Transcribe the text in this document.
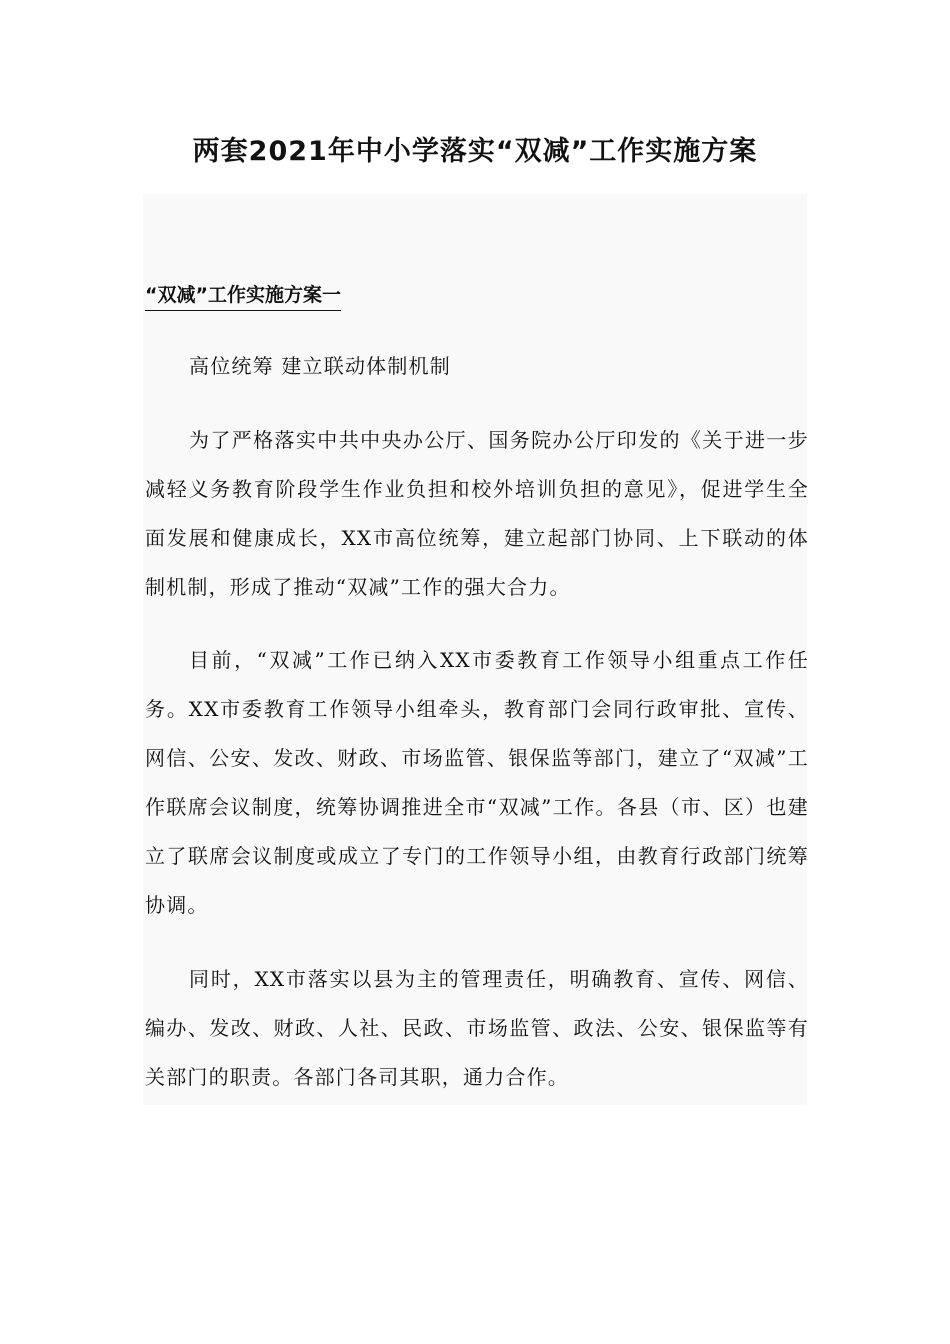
两套2021年中小学落实“双减”工作实施方案
“双减”工作实施方案一

高位统筹 建立联动体制机制

为了严格落实中共中央办公厅、国务院办公厅印发的《关于进一步减轻义务教育阶段学生作业负担和校外培训负担的意见》，促进学生全面发展和健康成长，XX市高位统筹，建立起部门协同、上下联动的体制机制，形成了推动“双减”工作的强大合力。

目前，“双减”工作已纳入XX市委教育工作领导小组重点工作任务。XX市委教育工作领导小组牵头，教育部门会同行政审批、宣传、网信、公安、发改、财政、市场监管、银保监等部门，建立了“双减”工作联席会议制度，统筹协调推进全市“双减”工作。各县（市、区）也建立了联席会议制度或成立了专门的工作领导小组，由教育行政部门统筹协调。

同时，XX市落实以县为主的管理责任，明确教育、宣传、网信、编办、发改、财政、人社、民政、市场监管、政法、公安、银保监等有关部门的职责。各部门各司其职，通力合作。
